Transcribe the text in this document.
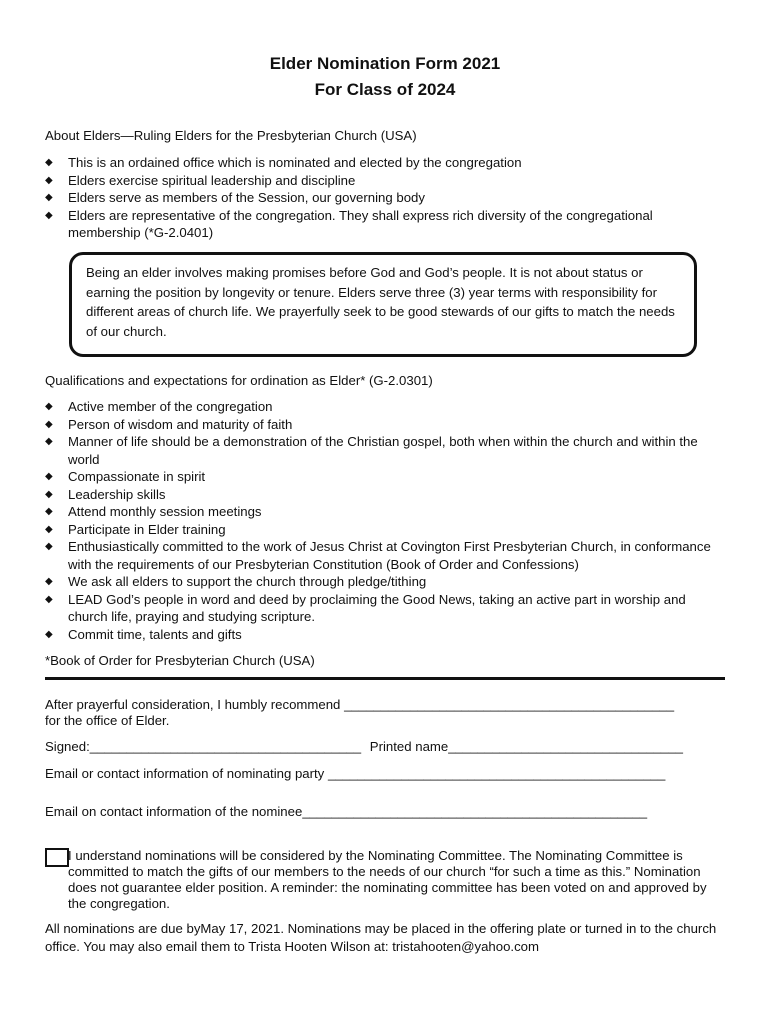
Elder Nomination Form 2021
For Class of 2024
About Elders—Ruling Elders for the Presbyterian Church (USA)
◆ This is an ordained office which is nominated and elected by the congregation
◆ Elders exercise spiritual leadership and discipline
◆ Elders serve as members of the Session, our governing body
◆ Elders are representative of the congregation. They shall express rich diversity of the congregational membership (*G-2.0401)
Being an elder involves making promises before God and God’s people. It is not about status or earning the position by longevity or tenure. Elders serve three (3) year terms with responsibility for different areas of church life. We prayerfully seek to be good stewards of our gifts to match the needs of our church.
Qualifications and expectations for ordination as Elder* (G-2.0301)
◆ Active member of the congregation
◆ Person of wisdom and maturity of faith
◆ Manner of life should be a demonstration of the Christian gospel, both when within the church and within the world
◆ Compassionate in spirit
◆ Leadership skills
◆ Attend monthly session meetings
◆ Participate in Elder training
◆ Enthusiastically committed to the work of Jesus Christ at Covington First Presbyterian Church, in conformance with the requirements of our Presbyterian Constitution (Book of Order and Confessions)
◆ We ask all elders to support the church through pledge/tithing
◆ LEAD God’s people in word and deed by proclaiming the Good News, taking an active part in worship and church life, praying and studying scripture.
◆ Commit time, talents and gifts
*Book of Order for Presbyterian Church (USA)
After prayerful consideration, I humbly recommend _____________________________________________
for the office of Elder.
Signed:_____________________________________ Printed name________________________________
Email or contact information of nominating party ______________________________________________
Email on contact information of the nominee_______________________________________________
I understand nominations will be considered by the Nominating Committee. The Nominating Committee is committed to match the gifts of our members to the needs of our church “for such a time as this.” Nomination does not guarantee elder position. A reminder: the nominating committee has been voted on and approved by the congregation.
All nominations are due byMay 17, 2021. Nominations may be placed in the offering plate or turned in to the church office. You may also email them to Trista Hooten Wilson at: tristahooten@yahoo.com
